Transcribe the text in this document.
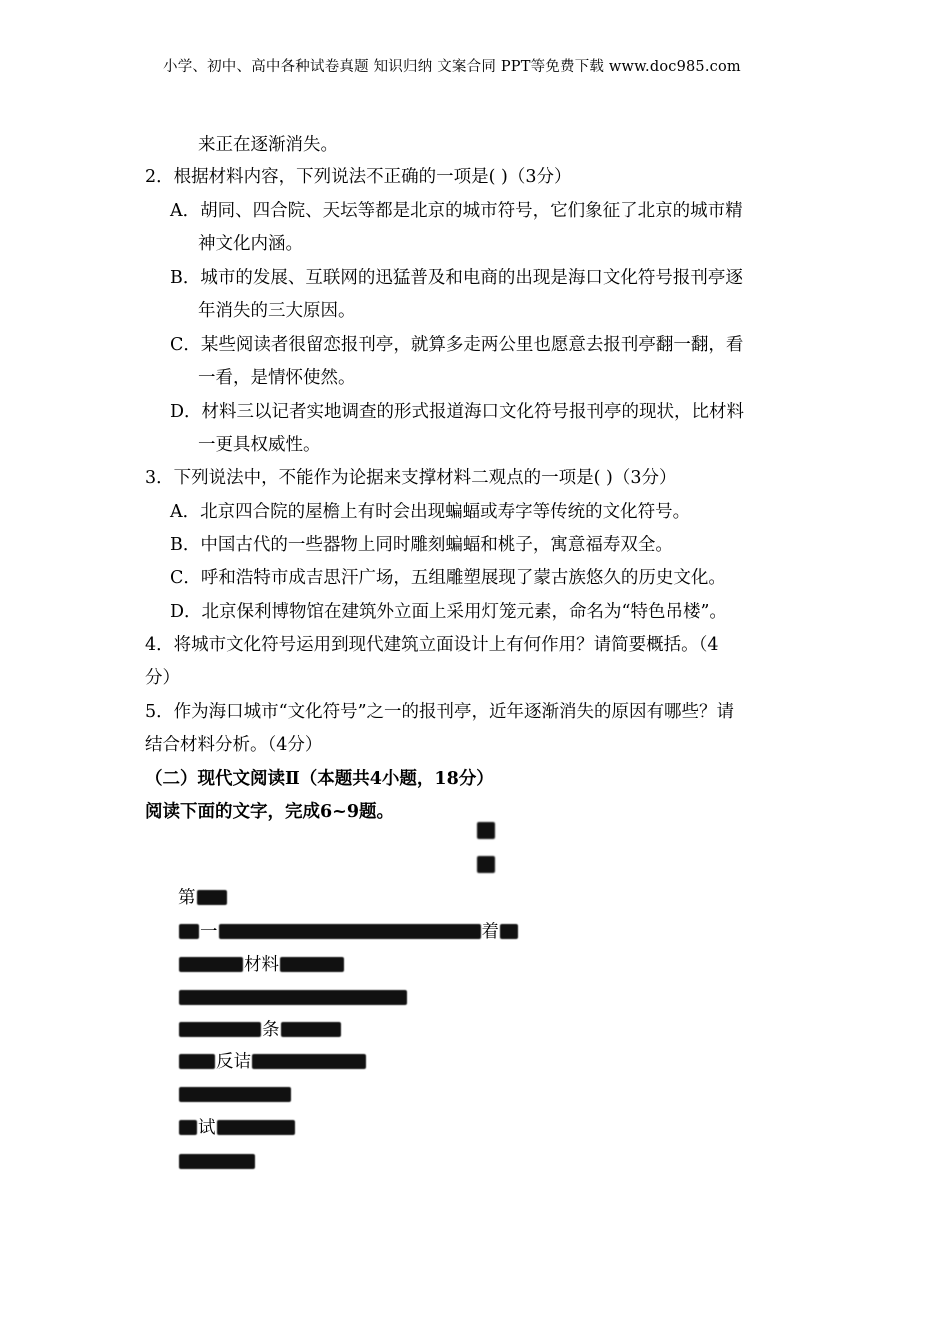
小学、初中、高中各种试卷真题 知识归纳 文案合同 PPT等免费下载 www.doc985.com
来正在逐渐消失。
2．根据材料内容，下列说法不正确的一项是( )（3分）
A．胡同、四合院、天坛等都是北京的城市符号，它们象征了北京的城市精
神文化内涵。
B．城市的发展、互联网的迅猛普及和电商的出现是海口文化符号报刊亭逐
年消失的三大原因。
C．某些阅读者很留恋报刊亭，就算多走两公里也愿意去报刊亭翻一翻，看
一看，是情怀使然。
D．材料三以记者实地调查的形式报道海口文化符号报刊亭的现状，比材料
一更具权威性。
3．下列说法中，不能作为论据来支撑材料二观点的一项是( )（3分）
A．北京四合院的屋檐上有时会出现蝙蝠或寿字等传统的文化符号。
B．中国古代的一些器物上同时雕刻蝙蝠和桃子，寓意福寿双全。
C．呼和浩特市成吉思汗广场，五组雕塑展现了蒙古族悠久的历史文化。
D．北京保利博物馆在建筑外立面上采用灯笼元素，命名为“特色吊楼”。
4．将城市文化符号运用到现代建筑立面设计上有何作用？请简要概括。（4
分）
5．作为海口城市“文化符号”之一的报刊亭，近年逐渐消失的原因有哪些？请
结合材料分析。（4分）
（二）现代文阅读Ⅱ（本题共4小题，18分）
阅读下面的文字，完成6~9题。
第
一	着
材料
条
反诘
试
